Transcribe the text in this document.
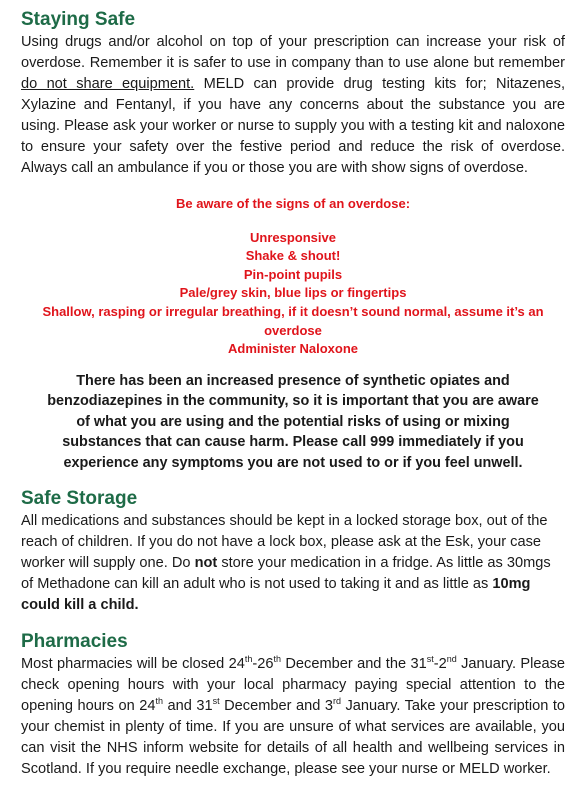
Staying Safe

Using drugs and/or alcohol on top of your prescription can increase your risk of overdose. Remember it is safer to use in company than to use alone but remember do not share equipment. MELD can provide drug testing kits for; Nitazenes, Xylazine and Fentanyl, if you have any concerns about the substance you are using. Please ask your worker or nurse to supply you with a testing kit and naloxone to ensure your safety over the festive period and reduce the risk of overdose. Always call an ambulance if you or those you are with show signs of overdose.

Be aware of the signs of an overdose:
Unresponsive
Shake & shout!
Pin-point pupils
Pale/grey skin, blue lips or fingertips
Shallow, rasping or irregular breathing, if it doesn’t sound normal, assume it’s an overdose
Administer Naloxone

There has been an increased presence of synthetic opiates and benzodiazepines in the community, so it is important that you are aware of what you are using and the potential risks of using or mixing substances that can cause harm. Please call 999 immediately if you experience any symptoms you are not used to or if you feel unwell.

Safe Storage

All medications and substances should be kept in a locked storage box, out of the reach of children. If you do not have a lock box, please ask at the Esk, your case worker will supply one. Do not store your medication in a fridge. As little as 30mgs of Methadone can kill an adult who is not used to taking it and as little as 10mg could kill a child.

Pharmacies

Most pharmacies will be closed 24th-26th December and the 31st-2nd January. Please check opening hours with your local pharmacy paying special attention to the opening hours on 24th and 31st December and 3rd January. Take your prescription to your chemist in plenty of time. If you are unsure of what services are available, you can visit the NHS inform website for details of all health and wellbeing services in Scotland. If you require needle exchange, please see your nurse or MELD worker.
